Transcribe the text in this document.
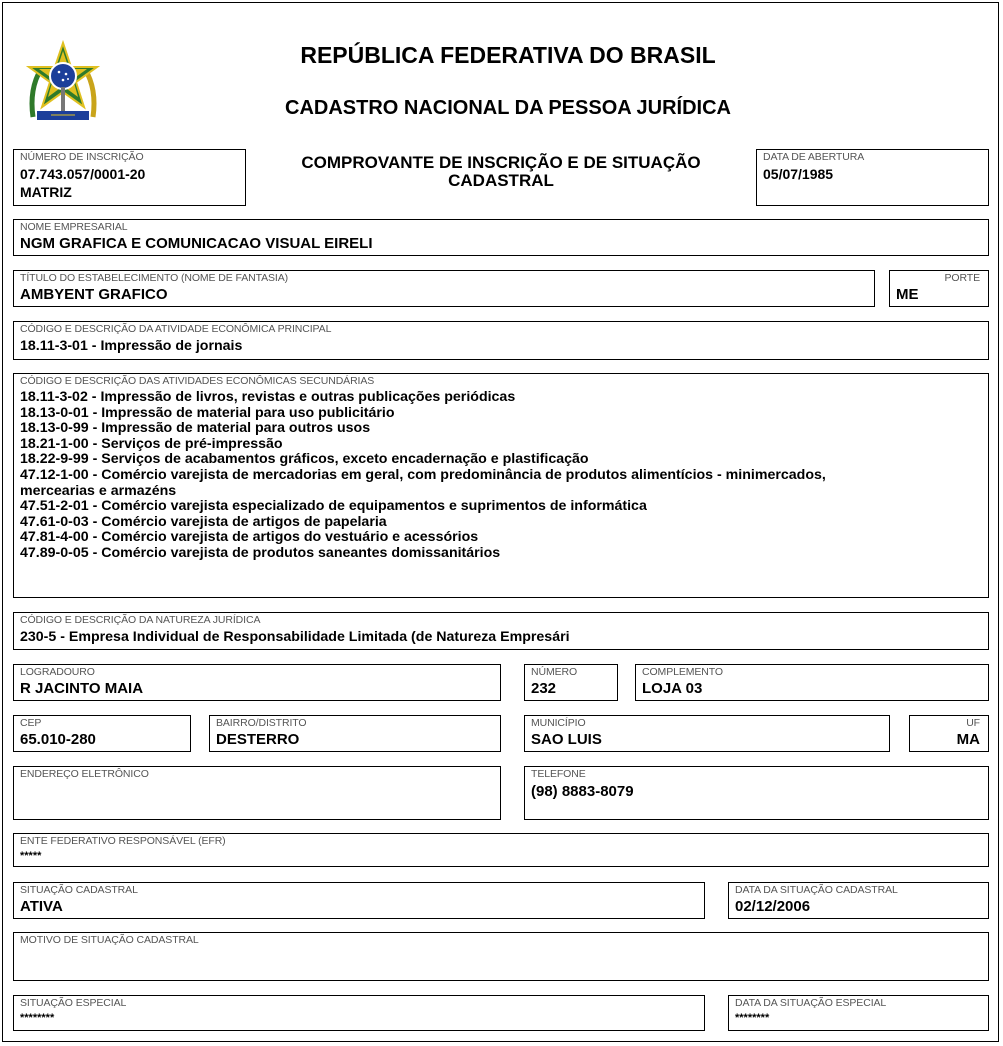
REPÚBLICA FEDERATIVA DO BRASIL
CADASTRO NACIONAL DA PESSOA JURÍDICA
NÚMERO DE INSCRIÇÃO
07.743.057/0001-20
MATRIZ
COMPROVANTE DE INSCRIÇÃO E DE SITUAÇÃO
CADASTRAL
DATA DE ABERTURA
05/07/1985
NOME EMPRESARIAL
NGM GRAFICA E COMUNICACAO VISUAL EIRELI
TÍTULO DO ESTABELECIMENTO (NOME DE FANTASIA)
AMBYENT GRAFICO
PORTE
ME
CÓDIGO E DESCRIÇÃO DA ATIVIDADE ECONÔMICA PRINCIPAL
18.11-3-01 - Impressão de jornais
CÓDIGO E DESCRIÇÃO DAS ATIVIDADES ECONÔMICAS SECUNDÁRIAS
18.11-3-02 - Impressão de livros, revistas e outras publicações periódicas
18.13-0-01 - Impressão de material para uso publicitário
18.13-0-99 - Impressão de material para outros usos
18.21-1-00 - Serviços de pré-impressão
18.22-9-99 - Serviços de acabamentos gráficos, exceto encadernação e plastificação
47.12-1-00 - Comércio varejista de mercadorias em geral, com predominância de produtos alimentícios - minimercados,
mercearias e armazéns
47.51-2-01 - Comércio varejista especializado de equipamentos e suprimentos de informática
47.61-0-03 - Comércio varejista de artigos de papelaria
47.81-4-00 - Comércio varejista de artigos do vestuário e acessórios
47.89-0-05 - Comércio varejista de produtos saneantes domissanitários
CÓDIGO E DESCRIÇÃO DA NATUREZA JURÍDICA
230-5 - Empresa Individual de Responsabilidade Limitada (de Natureza Empresári
LOGRADOURO
R JACINTO MAIA
NÚMERO
232
COMPLEMENTO
LOJA 03
CEP
65.010-280
BAIRRO/DISTRITO
DESTERRO
MUNICÍPIO
SAO LUIS
UF
MA
ENDEREÇO ELETRÔNICO	TELEFONE
(98) 8883-8079
ENTE FEDERATIVO RESPONSÁVEL (EFR)
*****
SITUAÇÃO CADASTRAL
ATIVA
DATA DA SITUAÇÃO CADASTRAL
02/12/2006
MOTIVO DE SITUAÇÃO CADASTRAL
SITUAÇÃO ESPECIAL
********
DATA DA SITUAÇÃO ESPECIAL
********
